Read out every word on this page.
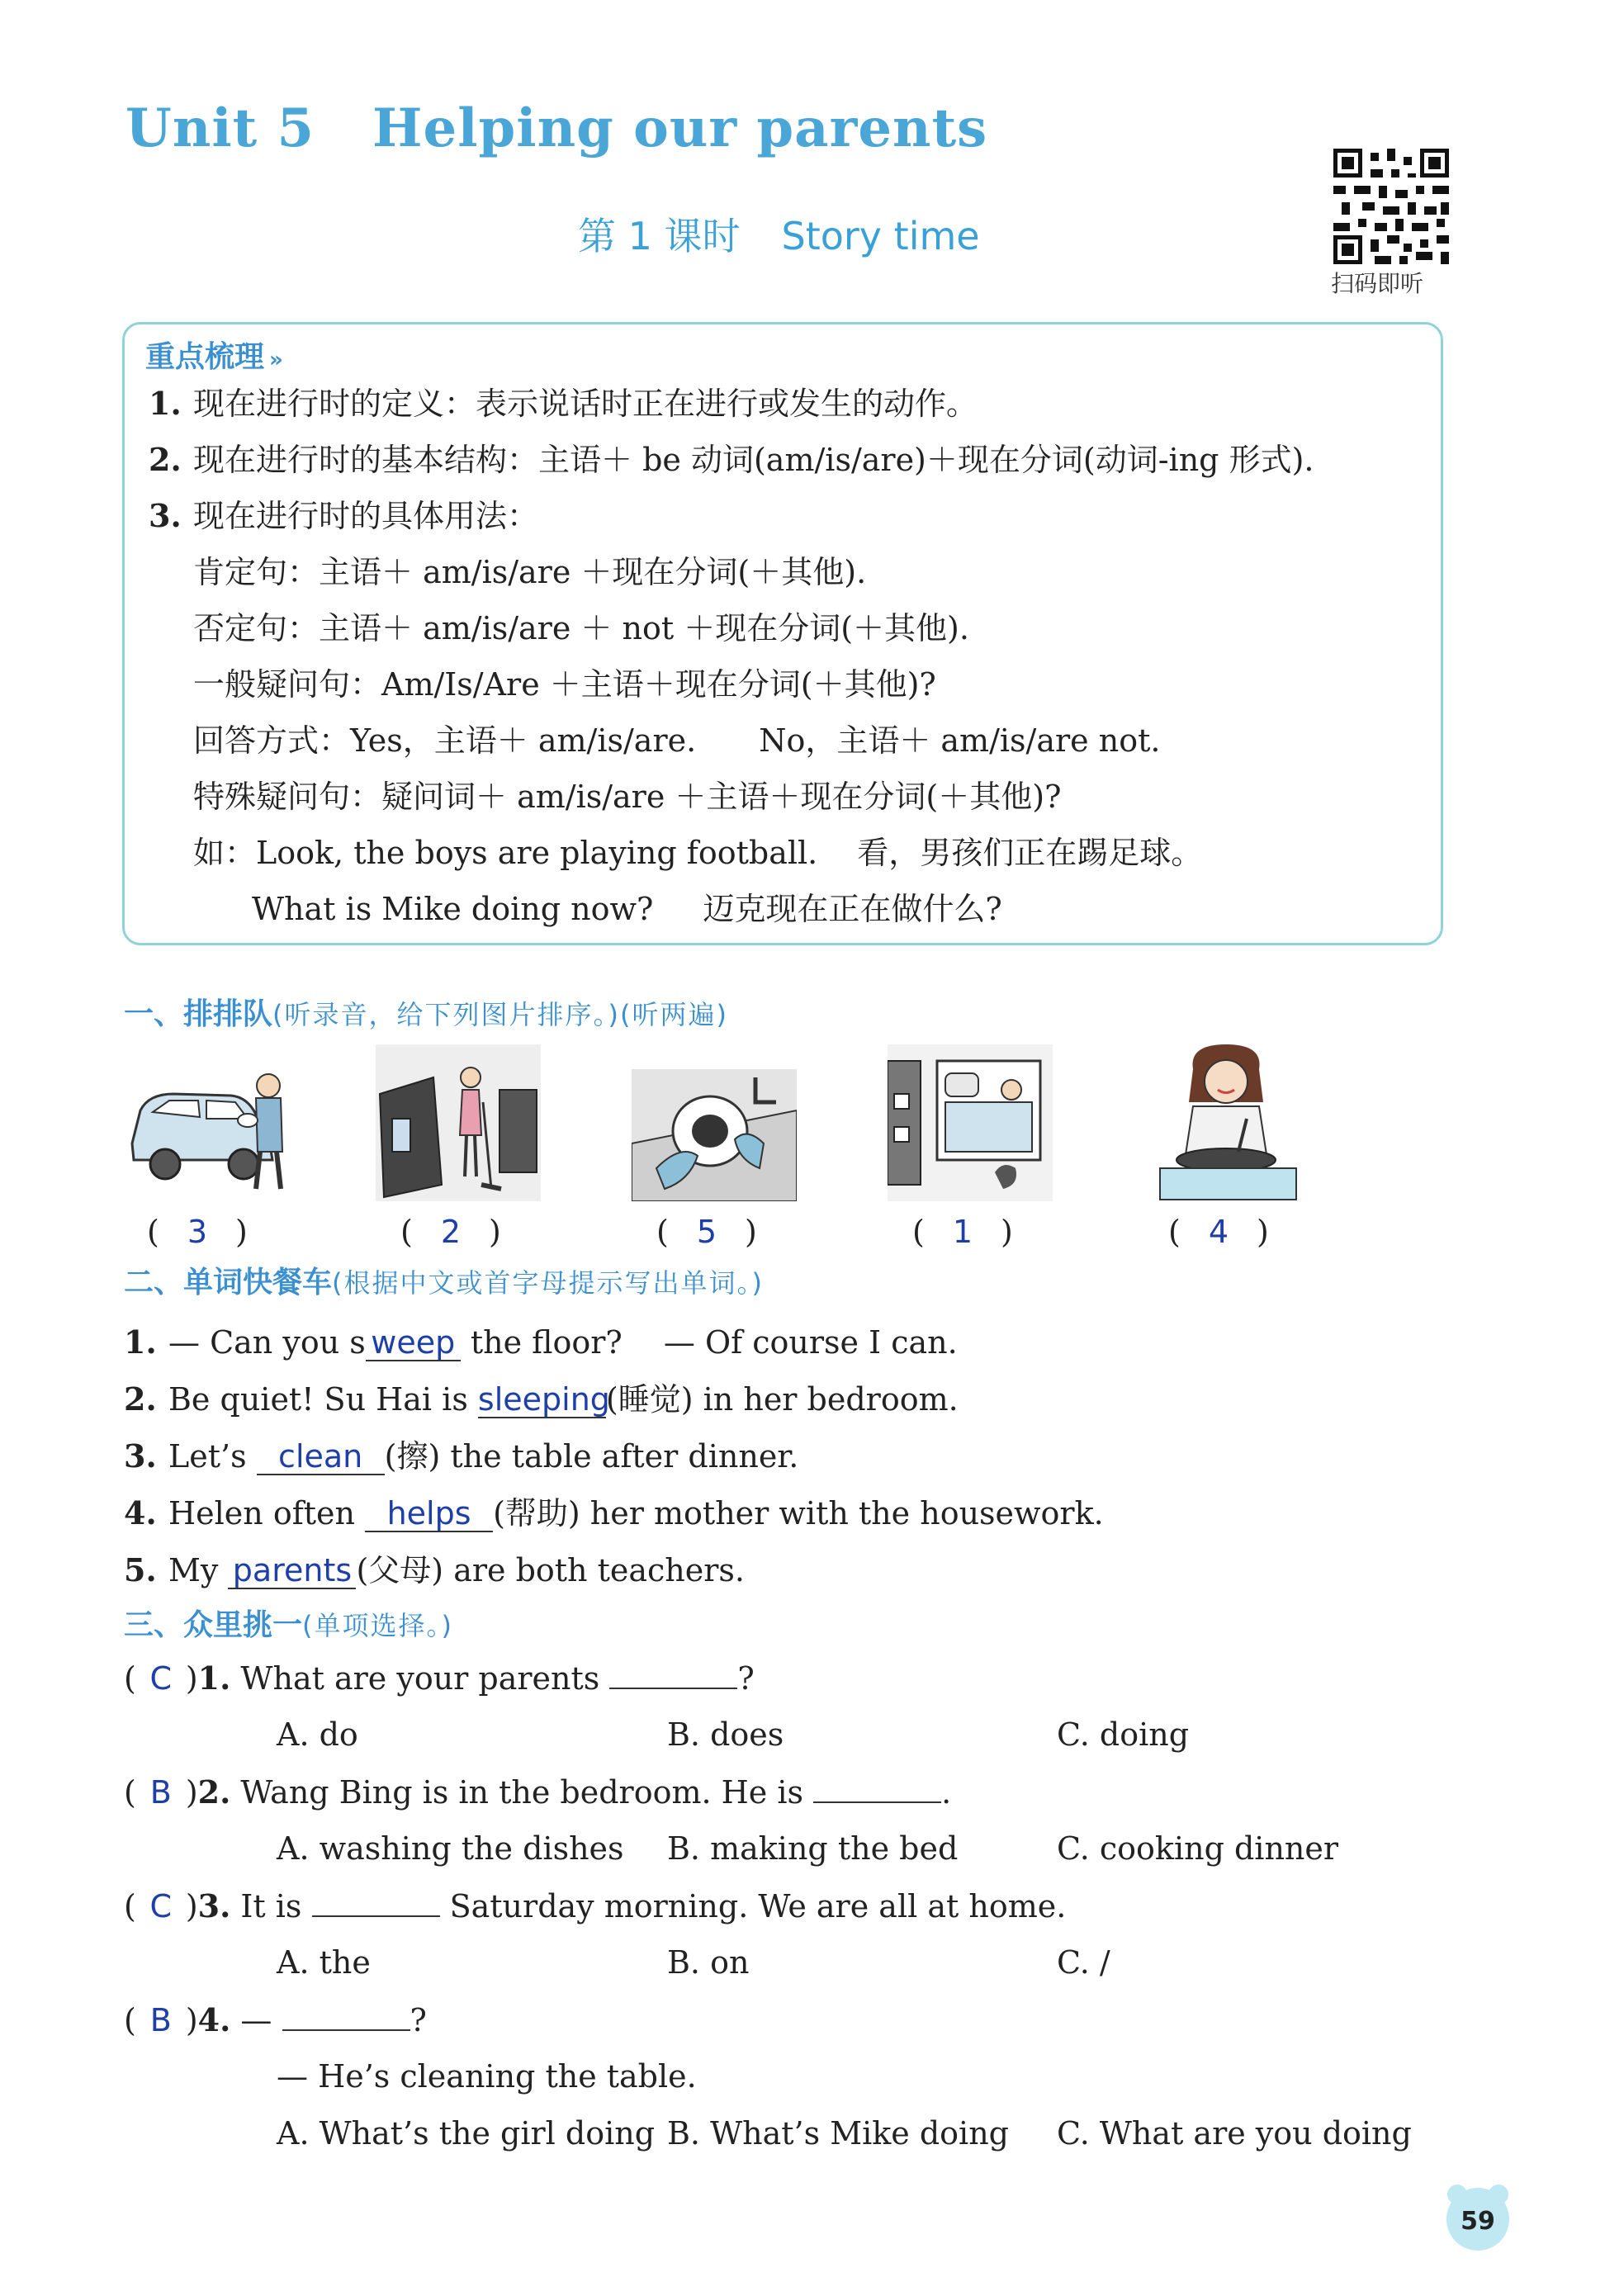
Unit 5 Helping our parents
第 1 课时 Story time
扫码即听
重点梳理 »
1. 现在进行时的定义：表示说话时正在进行或发生的动作。
2. 现在进行时的基本结构：主语＋ be 动词(am/is/are)＋现在分词(动词-ing 形式).
3. 现在进行时的具体用法：
肯定句：主语＋ am/is/are ＋现在分词(＋其他).
否定句：主语＋ am/is/are ＋ not ＋现在分词(＋其他).
一般疑问句：Am/Is/Are ＋主语＋现在分词(＋其他)?
回答方式：Yes，主语＋ am/is/are.　　No，主语＋ am/is/are not.
特殊疑问句：疑问词＋ am/is/are ＋主语＋现在分词(＋其他)?
如：Look, the boys are playing football. 看，男孩们正在踢足球。
What is Mike doing now? 迈克现在正在做什么?
一、排排队(听录音，给下列图片排序。)(听两遍)
( 3 )	( 2 )	( 5 )	( 1 )	( 4 )
二、单词快餐车(根据中文或首字母提示写出单词。)
1. — Can you s weep the floor?　 — Of course I can.
2. Be quiet! Su Hai is sleeping(睡觉) in her bedroom.
3. Let’s clean (擦) the table after dinner.
4. Helen often helps (帮助) her mother with the housework.
5. My parents (父母) are both teachers.
三、众里挑一(单项选择。)
( C )1. What are your parents	?
A. do	B. does	C. doing
( B )2. Wang Bing is in the bedroom. He is	.
A. washing the dishes B. making the bed	C. cooking dinner
( C )3. It is	Saturday morning. We are all at home.
A. the	B. on	C. /
( B )4. —	?
— He’s cleaning the table.
A. What’s the girl doing B. What’s Mike doing C. What are you doing
59
